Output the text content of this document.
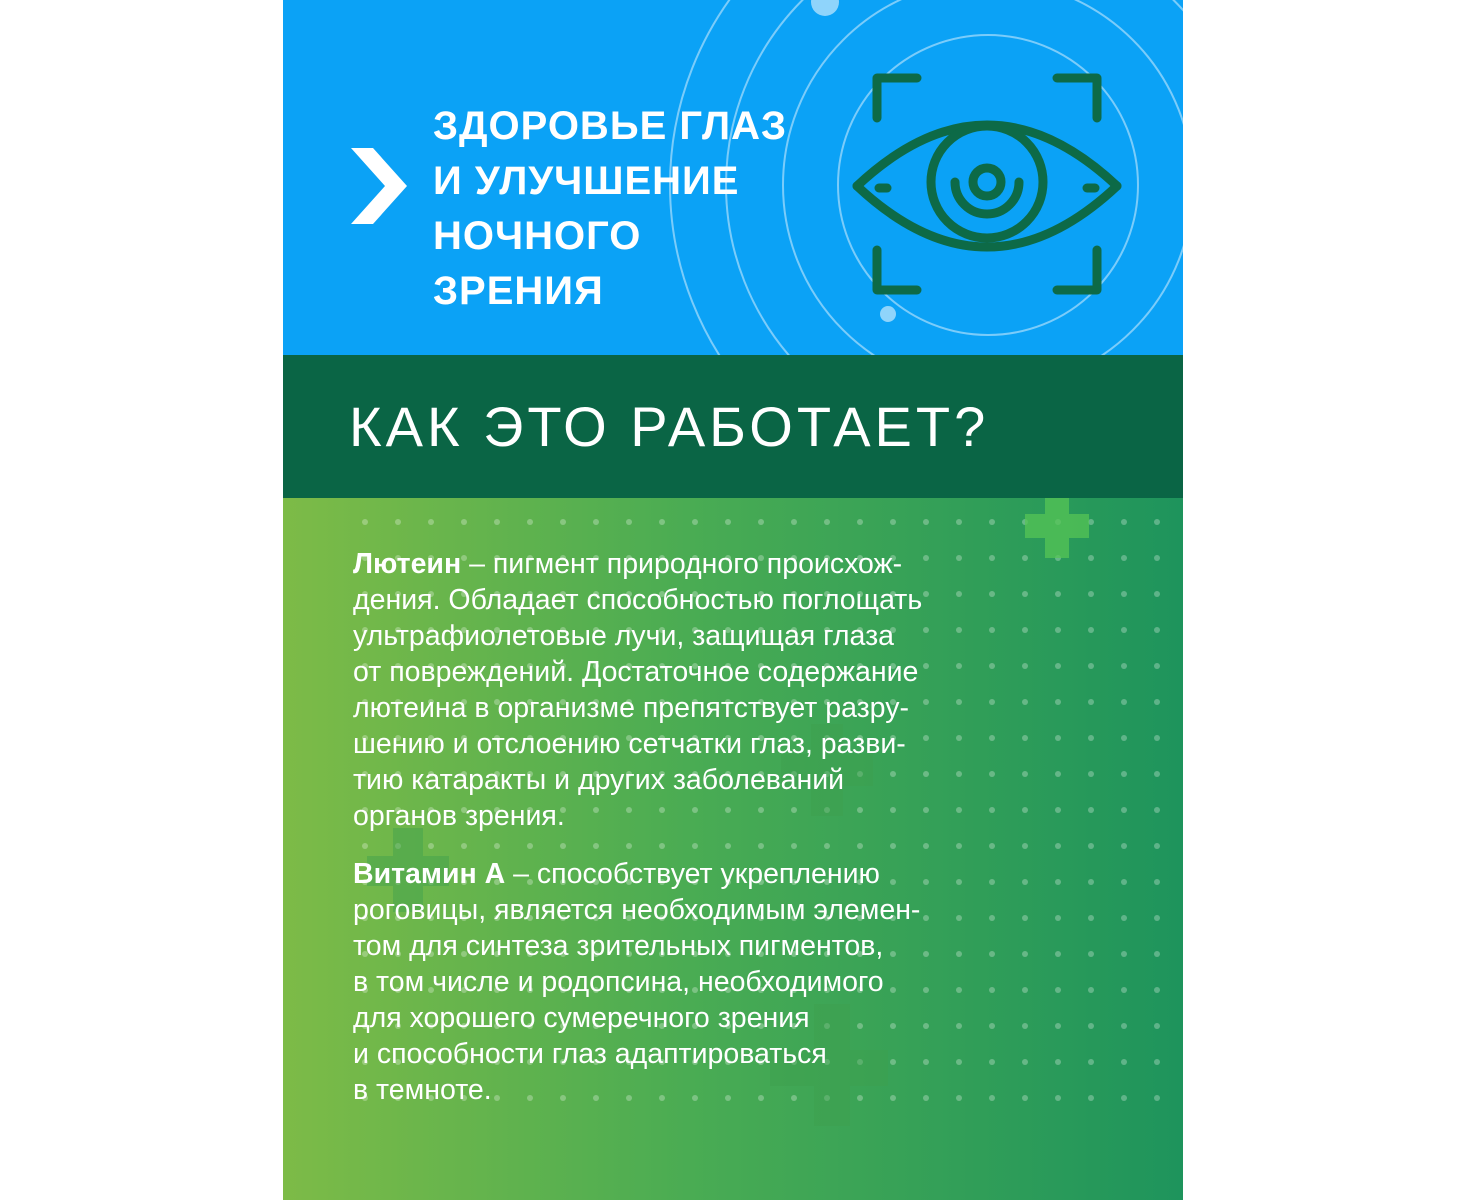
ЗДОРОВЬЕ ГЛАЗ
И УЛУЧШЕНИЕ
НОЧНОГО
ЗРЕНИЯ
КАК ЭТО РАБОТАЕТ?

Лютеин – пигмент природного происхож-
дения. Обладает способностью поглощать
ультрафиолетовые лучи, защищая глаза
от повреждений. Достаточное содержание
лютеина в организме препятствует разру-
шению и отслоению сетчатки глаз, разви-
тию катаракты и других заболеваний
органов зрения.

Витамин А – способствует укреплению
роговицы, является необходимым элемен-
том для синтеза зрительных пигментов,
в том числе и родопсина, необходимого
для хорошего сумеречного зрения
и способности глаз адаптироваться
в темноте.
